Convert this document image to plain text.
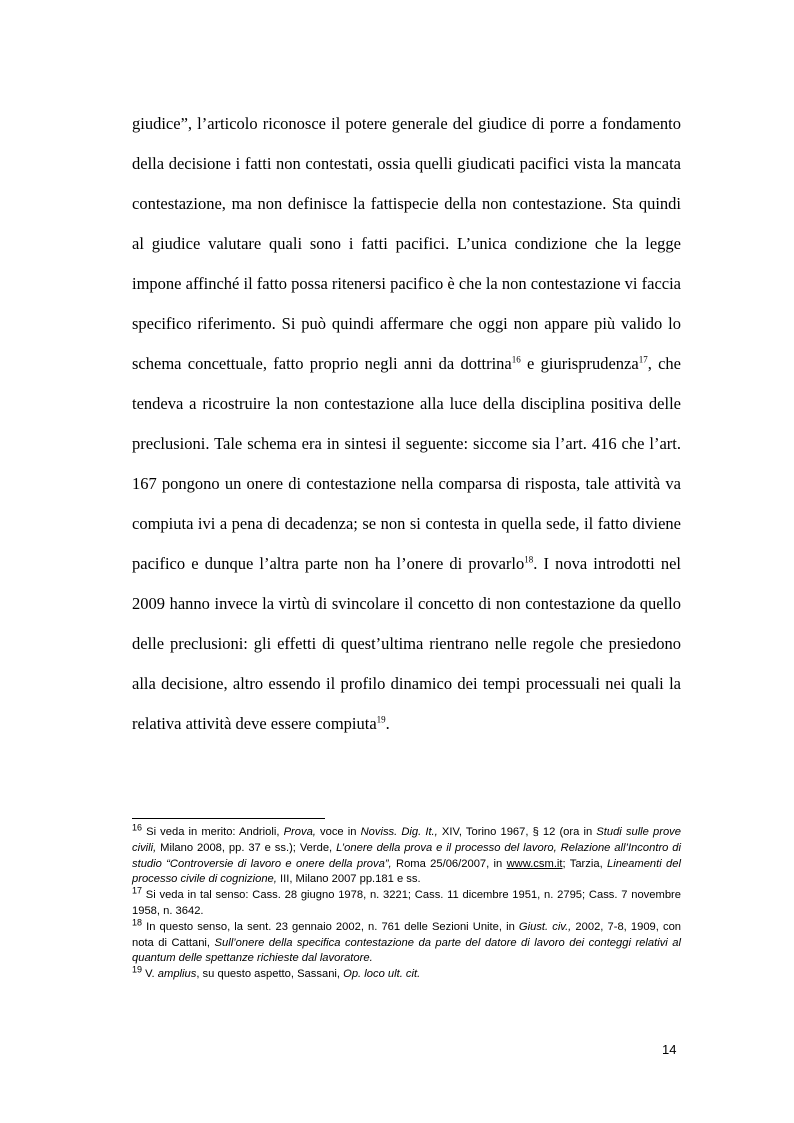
giudice”, l’articolo riconosce il potere generale del giudice di porre a fondamento della decisione i fatti non contestati, ossia quelli giudicati pacifici vista la mancata contestazione, ma non definisce la fattispecie della non contestazione. Sta quindi al giudice valutare quali sono i fatti pacifici. L’unica condizione che la legge impone affinché il fatto possa ritenersi pacifico è che la non contestazione vi faccia specifico riferimento. Si può quindi affermare che oggi non appare più valido lo schema concettuale, fatto proprio negli anni da dottrina$^{16}$ e giurisprudenza$^{17}$, che tendeva a ricostruire la non contestazione alla luce della disciplina positiva delle preclusioni. Tale schema era in sintesi il seguente: siccome sia l’art. 416 che l’art. 167 pongono un onere di contestazione nella comparsa di risposta, tale attività va compiuta ivi a pena di decadenza; se non si contesta in quella sede, il fatto diviene pacifico e dunque l’altra parte non ha l’onere di provarlo$^{18}$. I nova introdotti nel 2009 hanno invece la virtù di svincolare il concetto di non contestazione da quello delle preclusioni: gli effetti di quest’ultima rientrano nelle regole che presiedono alla decisione, altro essendo il profilo dinamico dei tempi processuali nei quali la relativa attività deve essere compiuta$^{19}$.

$^{16}$ Si veda in merito: Andrioli, Prova, voce in Noviss. Dig. It., XIV, Torino 1967, § 12 (ora in Studi sulle prove civili, Milano 2008, pp. 37 e ss.); Verde, L’onere della prova e il processo del lavoro, Relazione all’Incontro di studio “Controversie di lavoro e onere della prova”, Roma 25/06/2007, in www.csm.it; Tarzia, Lineamenti del processo civile di cognizione, III, Milano 2007 pp.181 e ss.

$^{17}$ Si veda in tal senso: Cass. 28 giugno 1978, n. 3221; Cass. 11 dicembre 1951, n. 2795; Cass. 7 novembre 1958, n. 3642.

$^{18}$ In questo senso, la sent. 23 gennaio 2002, n. 761 delle Sezioni Unite, in Giust. civ., 2002, 7-8, 1909, con nota di Cattani, Sull’onere della specifica contestazione da parte del datore di lavoro dei conteggi relativi al quantum delle spettanze richieste dal lavoratore.

$^{19}$ V. amplius, su questo aspetto, Sassani, Op. loco ult. cit.

14
